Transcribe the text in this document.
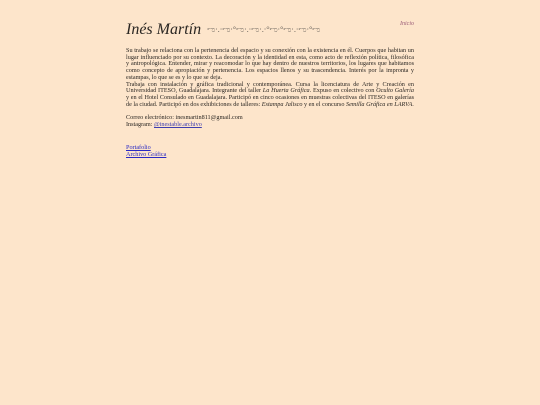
Inés Martín ಌ·.·ಌ·°ಌ·.·ಌ·.·°ಌ·°ಌ·.·ಌ·°ಌ	Inicio

Su trabajo se relaciona con la pertenencia del espacio y su conexión con la existencia en él. Cuerpos que habitan un lugar influenciado por su contexto. La decoración y la identidad en esta, como acto de reflexión política, filosófica y antropológica. Entender, mirar y reacomodar lo que hay dentro de nuestros territorios, los lugares que habitamos como concepto de apropiación y pertenencia. Los espacios llenos y su trascendencia. Interés por la impronta y estampas, lo que se es y lo que se deja.

Trabaja con instalación y gráfica tradicional y contemporánea. Cursa la licenciatura de Arte y Creación en Universidad ITESO, Guadalajara. Integrante del taller La Huerta Gráfica. Expuso en colectivo con Oculto Galería y en el Hotel Consulado en Guadalajara. Participó en cinco ocasiones en muestras colectivas del ITESO en galerías de la ciudad. Participó en dos exhibiciones de talleres: Estampa Jalisco y en el concurso Semilla Gráfica en LARVA.

Correo electrónico: inesmartin811@gmail.com
Instagram: @inestable.archivo
Portafolio
Archivo Gráfica
